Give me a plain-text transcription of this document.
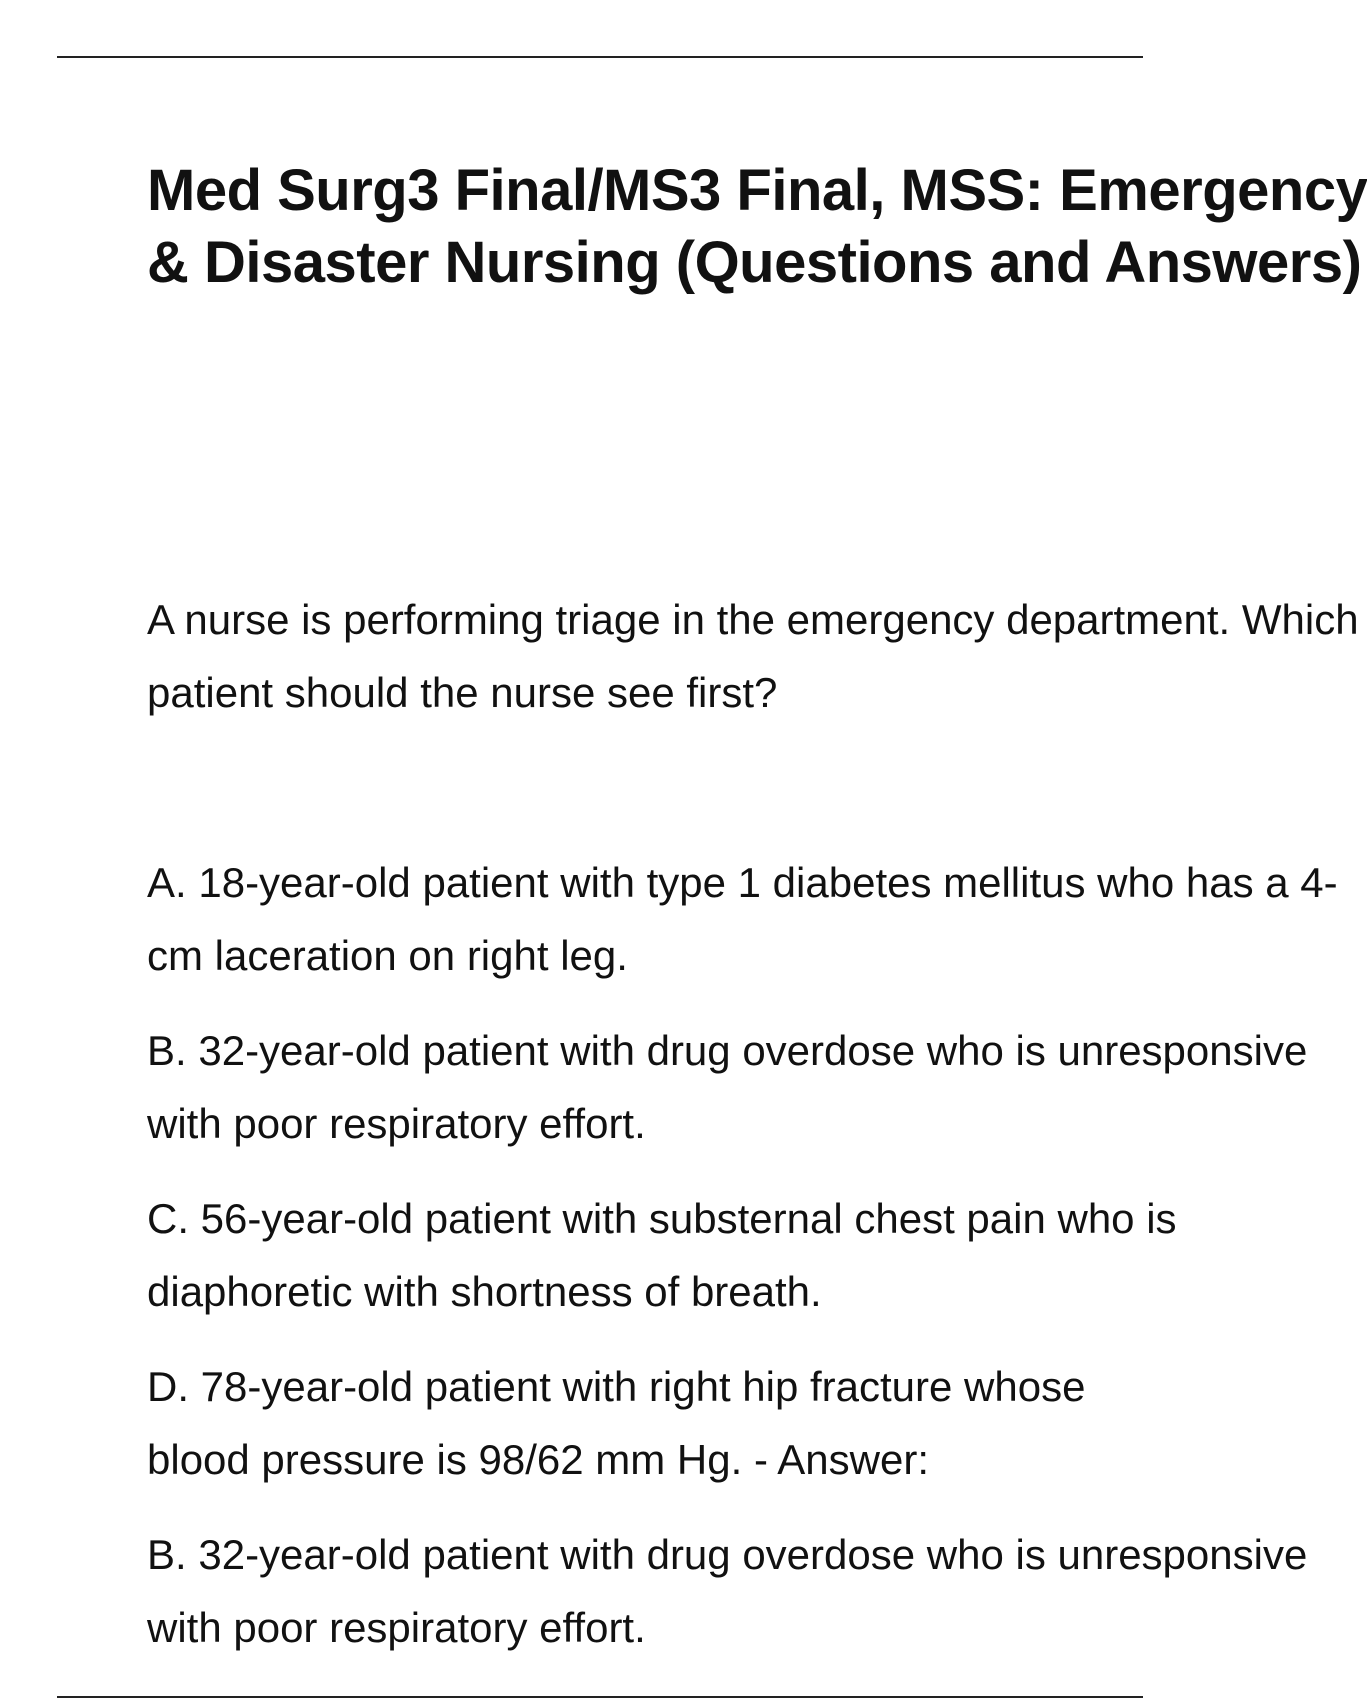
Med Surg3 Final/MS3 Final, MSS: Emergency
& Disaster Nursing (Questions and Answers)
A nurse is performing triage in the emergency department. Which
patient should the nurse see first?
A. 18-year-old patient with type 1 diabetes mellitus who has a 4-
cm laceration on right leg.
B. 32-year-old patient with drug overdose who is unresponsive
with poor respiratory effort.
C. 56-year-old patient with substernal chest pain who is
diaphoretic with shortness of breath.
D. 78-year-old patient with right hip fracture whose
blood pressure is 98/62 mm Hg. - Answer:
B. 32-year-old patient with drug overdose who is unresponsive
with poor respiratory effort.
